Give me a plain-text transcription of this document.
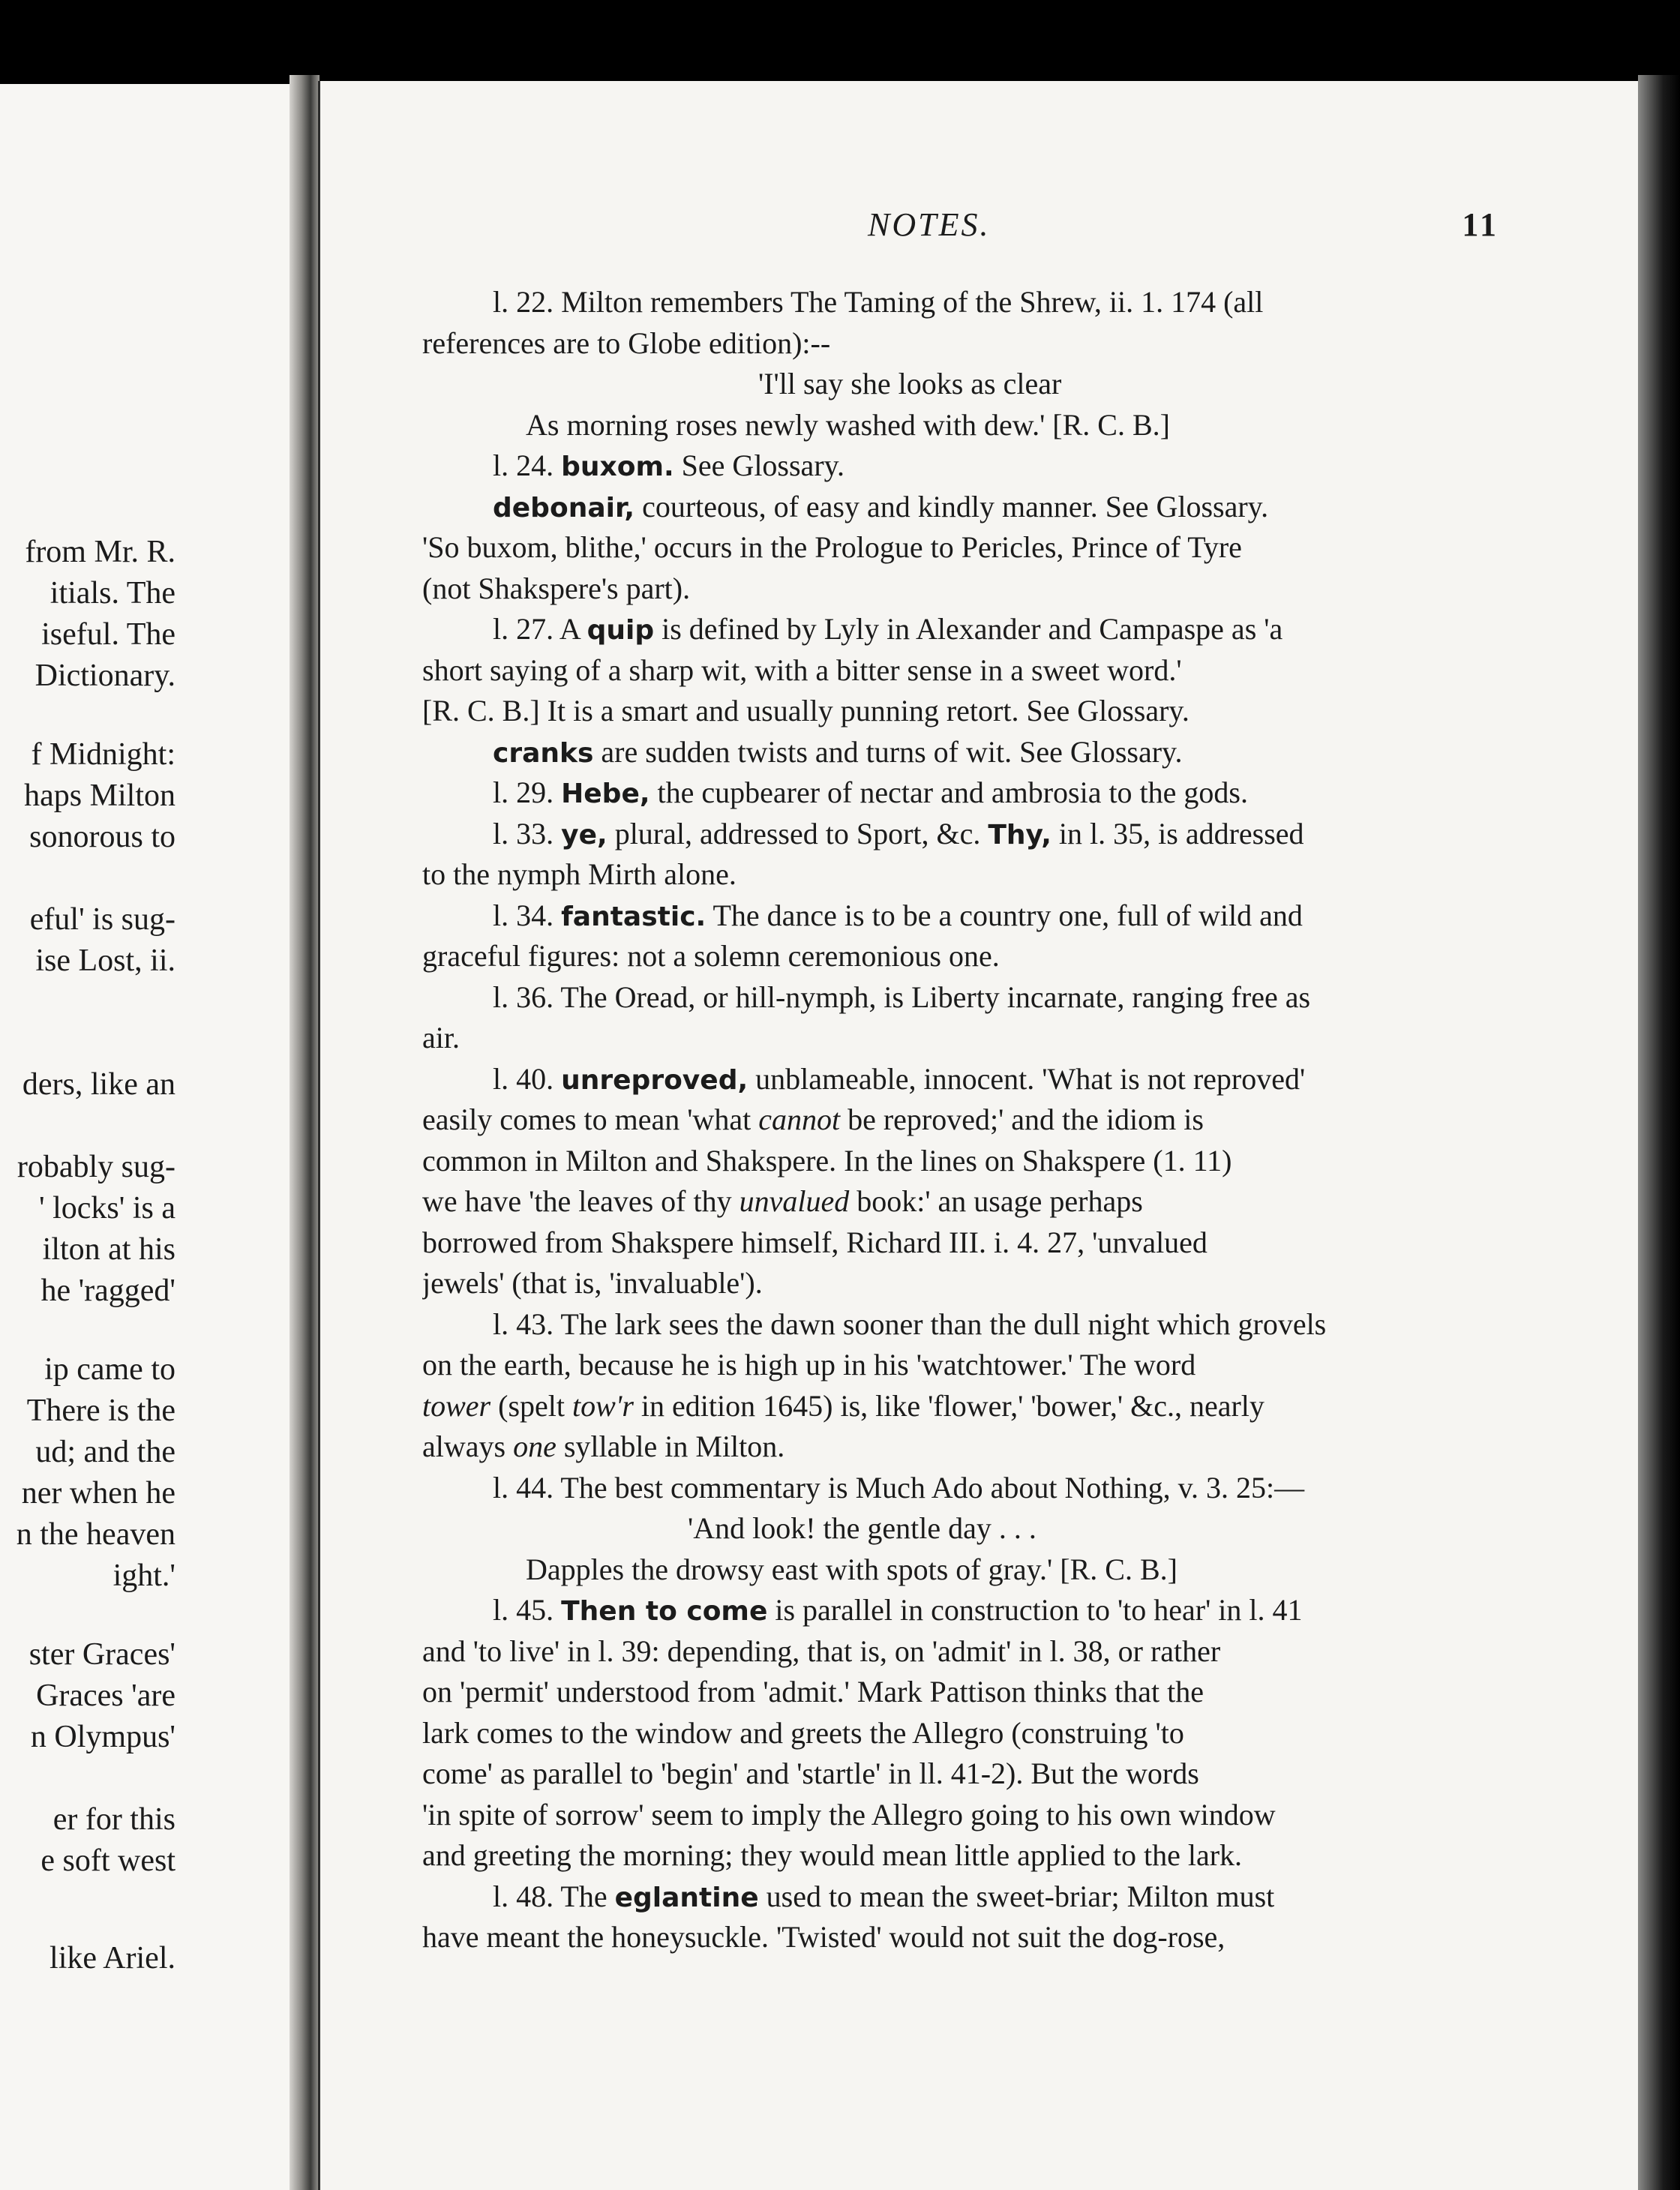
from Mr. R.
itials. The
iseful. The
Dictionary.
f Midnight:
haps Milton
sonorous to
eful' is sug-
ise Lost, ii.
ders, like an
robably sug-
' locks' is a
ilton at his
he 'ragged'
ip came to
There is the
ud; and the
ner when he
n the heaven
ight.'
ster Graces'
Graces 'are
n Olympus'
er for this
e soft west
like Ariel.
NOTES.	11
l. 22. Milton remembers The Taming of the Shrew, ii. 1. 174 (all
references are to Globe edition):--
'I'll say she looks as clear
As morning roses newly washed with dew.' [R. C. B.]
l. 24. buxom. See Glossary.
debonair, courteous, of easy and kindly manner. See Glossary.
'So buxom, blithe,' occurs in the Prologue to Pericles, Prince of Tyre
(not Shakspere's part).
l. 27. A quip is defined by Lyly in Alexander and Campaspe as 'a
short saying of a sharp wit, with a bitter sense in a sweet word.'
[R. C. B.] It is a smart and usually punning retort. See Glossary.
cranks are sudden twists and turns of wit. See Glossary.
l. 29. Hebe, the cupbearer of nectar and ambrosia to the gods.
l. 33. ye, plural, addressed to Sport, &c. Thy, in l. 35, is addressed
to the nymph Mirth alone.
l. 34. fantastic. The dance is to be a country one, full of wild and
graceful figures: not a solemn ceremonious one.
l. 36. The Oread, or hill-nymph, is Liberty incarnate, ranging free as
air.
l. 40. unreproved, unblameable, innocent. 'What is not reproved'
easily comes to mean 'what cannot be reproved;' and the idiom is
common in Milton and Shakspere. In the lines on Shakspere (1. 11)
we have 'the leaves of thy unvalued book:' an usage perhaps
borrowed from Shakspere himself, Richard III. i. 4. 27, 'unvalued
jewels' (that is, 'invaluable').
l. 43. The lark sees the dawn sooner than the dull night which grovels
on the earth, because he is high up in his 'watchtower.' The word
tower (spelt tow'r in edition 1645) is, like 'flower,' 'bower,' &c., nearly
always one syllable in Milton.
l. 44. The best commentary is Much Ado about Nothing, v. 3. 25:—
'And look! the gentle day . . .
Dapples the drowsy east with spots of gray.' [R. C. B.]
l. 45. Then to come is parallel in construction to 'to hear' in l. 41
and 'to live' in l. 39: depending, that is, on 'admit' in l. 38, or rather
on 'permit' understood from 'admit.' Mark Pattison thinks that the
lark comes to the window and greets the Allegro (construing 'to
come' as parallel to 'begin' and 'startle' in ll. 41-2). But the words
'in spite of sorrow' seem to imply the Allegro going to his own window
and greeting the morning; they would mean little applied to the lark.
l. 48. The eglantine used to mean the sweet-briar; Milton must
have meant the honeysuckle. 'Twisted' would not suit the dog-rose,
